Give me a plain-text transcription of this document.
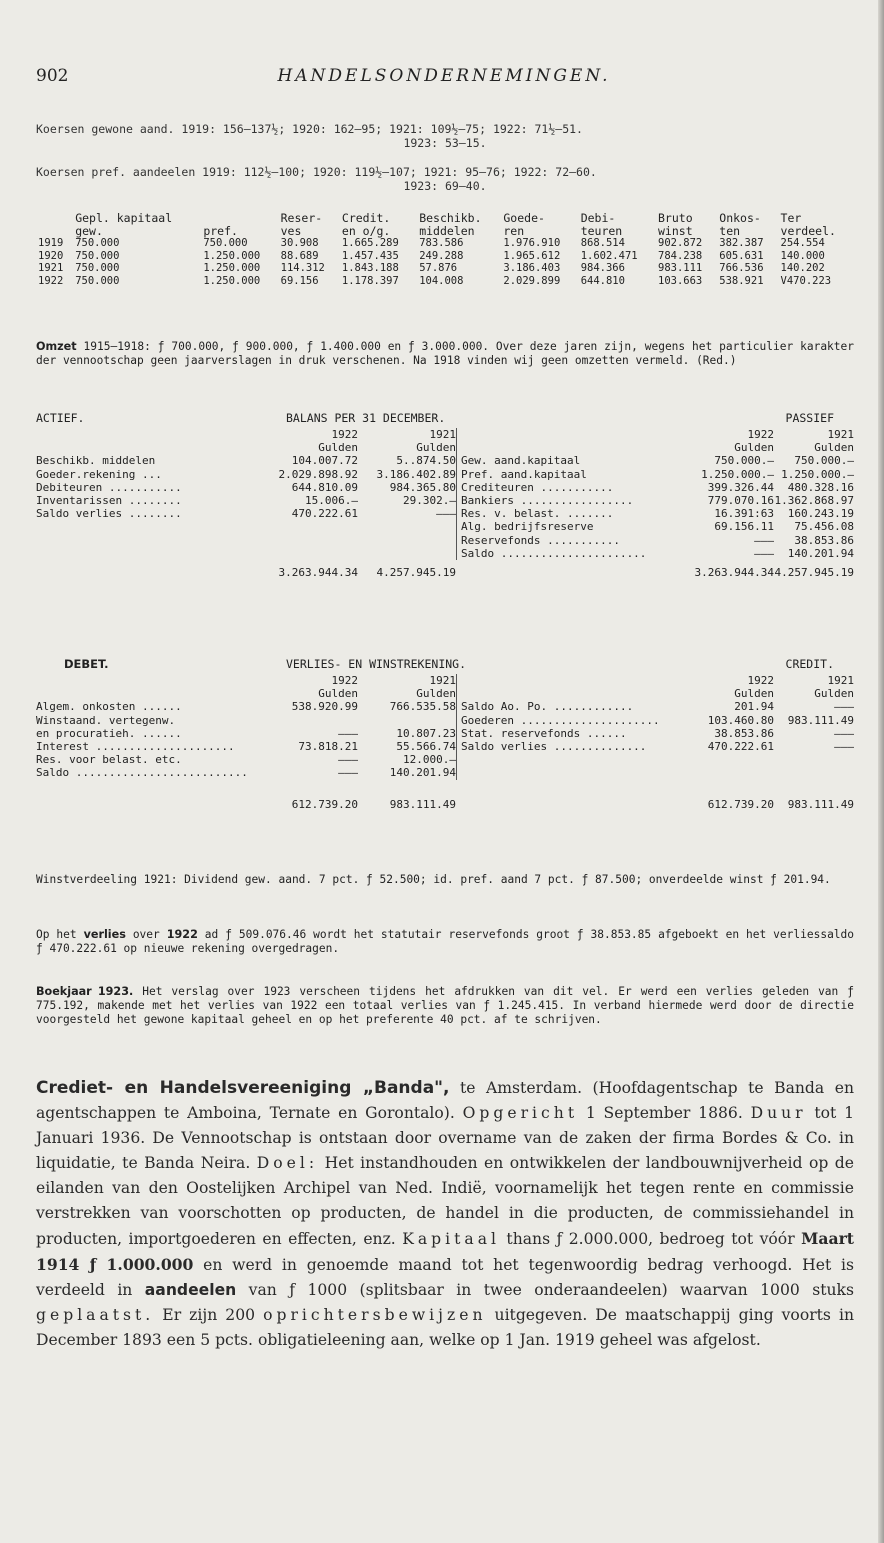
902	HANDELSONDERNEMINGEN.
Koersen gewone aand. 1919: 156—137½; 1920: 162—95; 1921: 109½—75; 1922: 71½—51.
1923: 53—15.
Koersen pref. aandeelen 1919: 112½—100; 1920: 119½—107; 1921: 95—76; 1922: 72—60.
1923: 69—40.
	Gepl. kapitaal		Reser-	Credit.	Beschikb.	Goede-	Debi-	Bruto	Onkos-	Ter
	gew.	pref.	ves	en o/g.	middelen	ren	teuren	winst	ten	verdeel.
1919	750.000	750.000	30.908	1.665.289	783.586	1.976.910	868.514	902.872	382.387	254.554
1920	750.000	1.250.000	88.689	1.457.435	249.288	1.965.612	1.602.471	784.238	605.631	140.000
1921	750.000	1.250.000	114.312	1.843.188	57.876	3.186.403	984.366	983.111	766.536	140.202
1922	750.000	1.250.000	69.156	1.178.397	104.008	2.029.899	644.810	103.663	538.921	V470.223
Omzet 1915—1918: ƒ 700.000, ƒ 900.000, ƒ 1.400.000 en ƒ 3.000.000. Over deze jaren zijn, wegens het particulier karakter der vennootschap geen jaarverslagen in druk verschenen. Na 1918 vinden wij geen omzetten vermeld. (Red.)
ACTIEF.	BALANS PER 31 DECEMBER.	PASSIEF
1922	1921
Gulden	Gulden
Beschikb. middelen	104.007.72	5..874.50
Goeder.rekening ...	2.029.898.92	3.186.402.89
Debiteuren ...........	644.810.09	984.365.80
Inventarissen ........	15.006.—	29.302.—
Saldo verlies ........	470.222.61	———
1922	1921
Gulden	Gulden
Gew. aand.kapitaal	750.000.—	750.000.—
Pref. aand.kapitaal	1.250.000.— 1.250.000.—
Crediteuren ...........	399.326.44	480.328.16
Bankiers .................	779.070.16 1.362.868.97
Res. v. belast. .......	16.391:63	160.243.19
Alg. bedrijfsreserve	69.156.11	75.456.08
Reservefonds ...........	———	38.853.86
Saldo ......................	———	140.201.94
3.263.944.34	4.257.945.19	3.263.944.34 4.257.945.19
DEBET.	VERLIES- EN WINSTREKENING.	CREDIT.
1922	1921
Gulden	Gulden
Algem. onkosten ......	538.920.99	766.535.58
Winstaand. vertegenw.
en procuratieh. ......	———	10.807.23
Interest .....................	73.818.21	55.566.74
Res. voor belast. etc.	———	12.000.—
Saldo ..........................	———	140.201.94
1922	1921
Gulden	Gulden
Saldo Ao. Po. ............	201.94	———
Goederen .....................	103.460.80	983.111.49
Stat. reservefonds ......	38.853.86	———
Saldo verlies ..............	470.222.61	———
612.739.20	983.111.49	612.739.20	983.111.49
Winstverdeeling 1921: Dividend gew. aand. 7 pct. ƒ 52.500; id. pref. aand 7 pct. ƒ 87.500; onverdeelde winst ƒ 201.94.
Op het verlies over 1922 ad ƒ 509.076.46 wordt het statutair reservefonds groot ƒ 38.853.85 afgeboekt en het verliessaldo ƒ 470.222.61 op nieuwe rekening overgedragen.
Boekjaar 1923. Het verslag over 1923 verscheen tijdens het afdrukken van dit vel. Er werd een verlies geleden van ƒ 775.192, makende met het verlies van 1922 een totaal verlies van ƒ 1.245.415. In verband hiermede werd door de directie voorgesteld het gewone kapitaal geheel en op het preferente 40 pct. af te schrijven.
Crediet- en Handelsvereeniging „Banda", te Amsterdam. (Hoofdagentschap te Banda en agentschappen te Amboina, Ternate en Gorontalo). Opgericht 1 September 1886. Duur tot 1 Januari 1936. De Vennootschap is ontstaan door overname van de zaken der firma Bordes & Co. in liquidatie, te Banda Neira. Doel: Het instandhouden en ontwikkelen der landbouwnijverheid op de eilanden van den Oostelijken Archipel van Ned. Indië, voornamelijk het tegen rente en commissie verstrekken van voorschotten op producten, de handel in die producten, de commissiehandel in producten, importgoederen en effecten, enz. Kapitaal thans ƒ 2.000.000, bedroeg tot vóór Maart 1914 ƒ 1.000.000 en werd in genoemde maand tot het tegenwoordig bedrag verhoogd. Het is verdeeld in aandeelen van ƒ 1000 (splitsbaar in twee onderaandeelen) waarvan 1000 stuks geplaatst. Er zijn 200 oprichtersbewijzen uitgegeven. De maatschappij ging voorts in December 1893 een 5 pcts. obligatieleening aan, welke op 1 Jan. 1919 geheel was afgelost.
